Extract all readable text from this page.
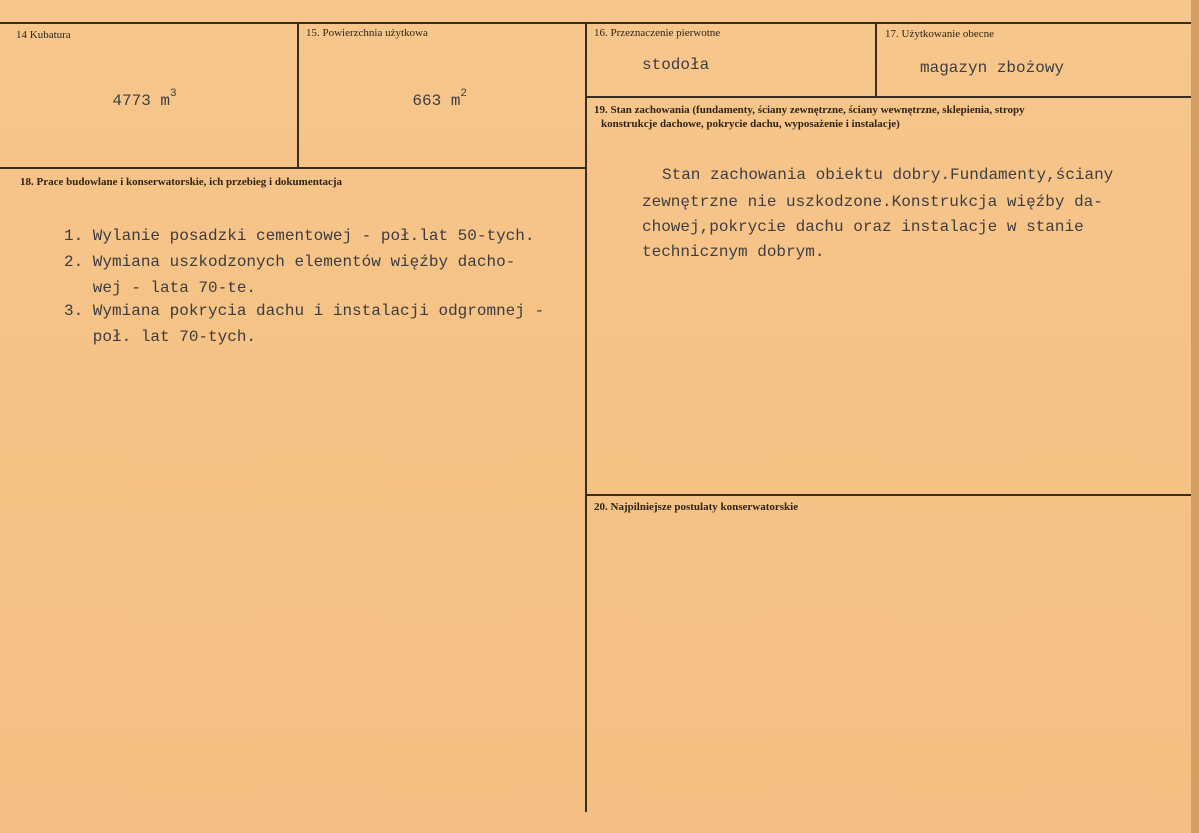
14 Kubatura

4773 $m^3$

15. Powierzchnia użytkowa

663 $m^2$

16. Przeznaczenie pierwotne
stodoła
17. Użytkowanie obecne
magazyn zbożowy
18. Prace budowlane i konserwatorskie, ich przebieg i dokumentacja
1. Wylanie posadzki cementowej - poł.lat 50-tych.
2. Wymiana uszkodzonych elementów więźby dacho-
wej - lata 70-te.
3. Wymiana pokrycia dachu i instalacji odgromnej -
poł. lat 70-tych.
19. Stan zachowania (fundamenty, ściany zewnętrzne, ściany wewnętrzne, sklepienia, stropy
konstrukcje dachowe, pokrycie dachu, wyposażenie i instalacje)
Stan zachowania obiektu dobry.Fundamenty,ściany
zewnętrzne nie uszkodzone.Konstrukcja więźby da-
chowej,pokrycie dachu oraz instalacje w stanie
technicznym dobrym.
20. Najpilniejsze postulaty konserwatorskie
